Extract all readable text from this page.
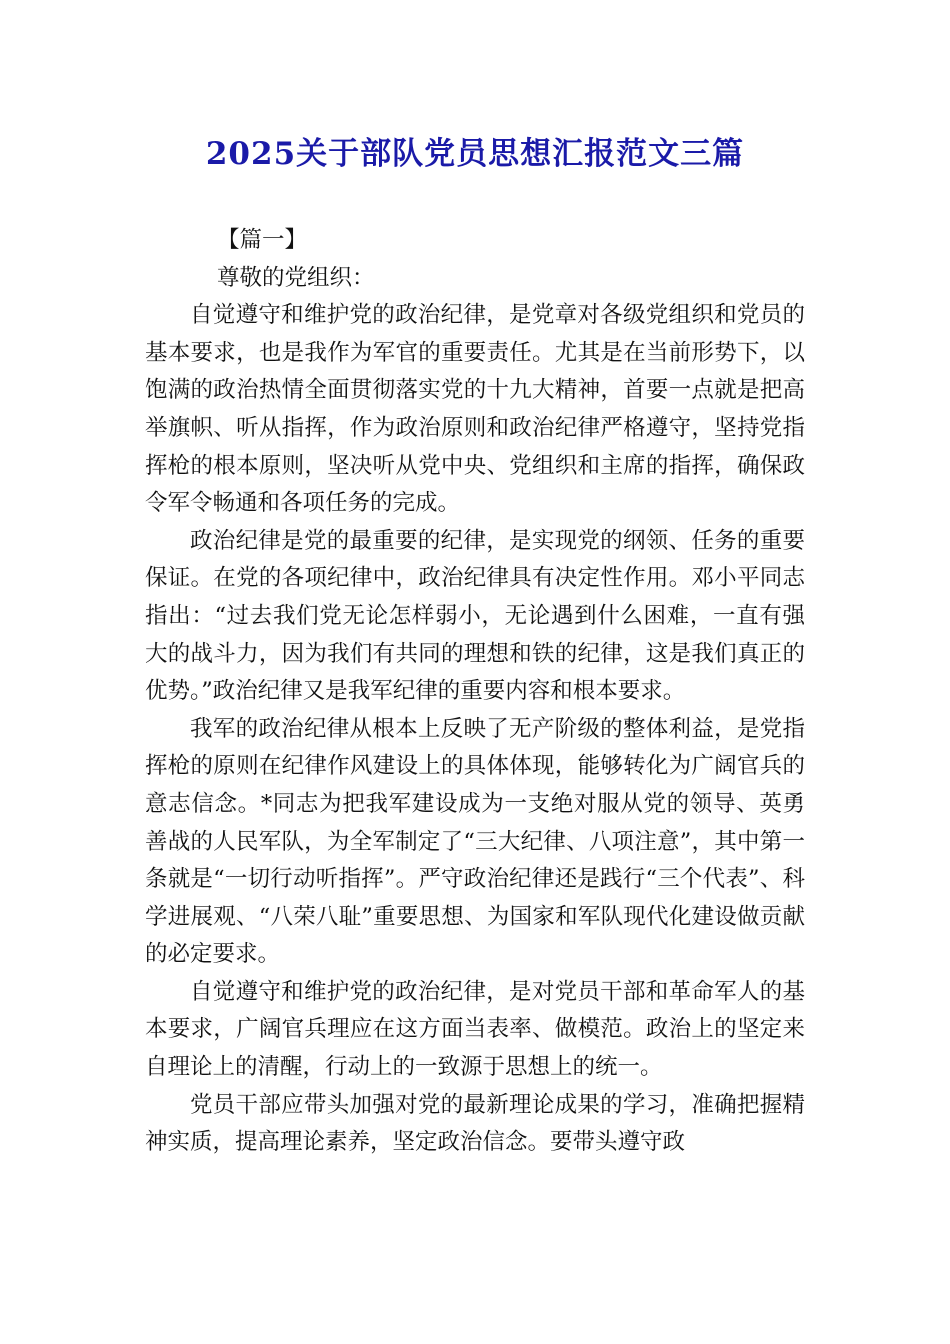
2025关于部队党员思想汇报范文三篇

【篇一】

尊敬的党组织：

自觉遵守和维护党的政治纪律，是党章对各级党组织和党员的基本要求，也是我作为军官的重要责任。尤其是在当前形势下，以饱满的政治热情全面贯彻落实党的十九大精神，首要一点就是把高举旗帜、听从指挥，作为政治原则和政治纪律严格遵守，坚持党指挥枪的根本原则，坚决听从党中央、党组织和主席的指挥，确保政令军令畅通和各项任务的完成。

政治纪律是党的最重要的纪律，是实现党的纲领、任务的重要保证。在党的各项纪律中，政治纪律具有决定性作用。邓小平同志指出：“过去我们党无论怎样弱小，无论遇到什么困难，一直有强大的战斗力，因为我们有共同的理想和铁的纪律，这是我们真正的优势。”政治纪律又是我军纪律的重要内容和根本要求。

我军的政治纪律从根本上反映了无产阶级的整体利益，是党指挥枪的原则在纪律作风建设上的具体体现，能够转化为广阔官兵的意志信念。*同志为把我军建设成为一支绝对服从党的领导、英勇善战的人民军队，为全军制定了“三大纪律、八项注意”，其中第一条就是“一切行动听指挥”。严守政治纪律还是践行“三个代表”、科学进展观、“八荣八耻”重要思想、为国家和军队现代化建设做贡献的必定要求。

自觉遵守和维护党的政治纪律，是对党员干部和革命军人的基本要求，广阔官兵理应在这方面当表率、做模范。政治上的坚定来自理论上的清醒，行动上的一致源于思想上的统一。

党员干部应带头加强对党的最新理论成果的学习，准确把握精神实质，提高理论素养，坚定政治信念。要带头遵守政
